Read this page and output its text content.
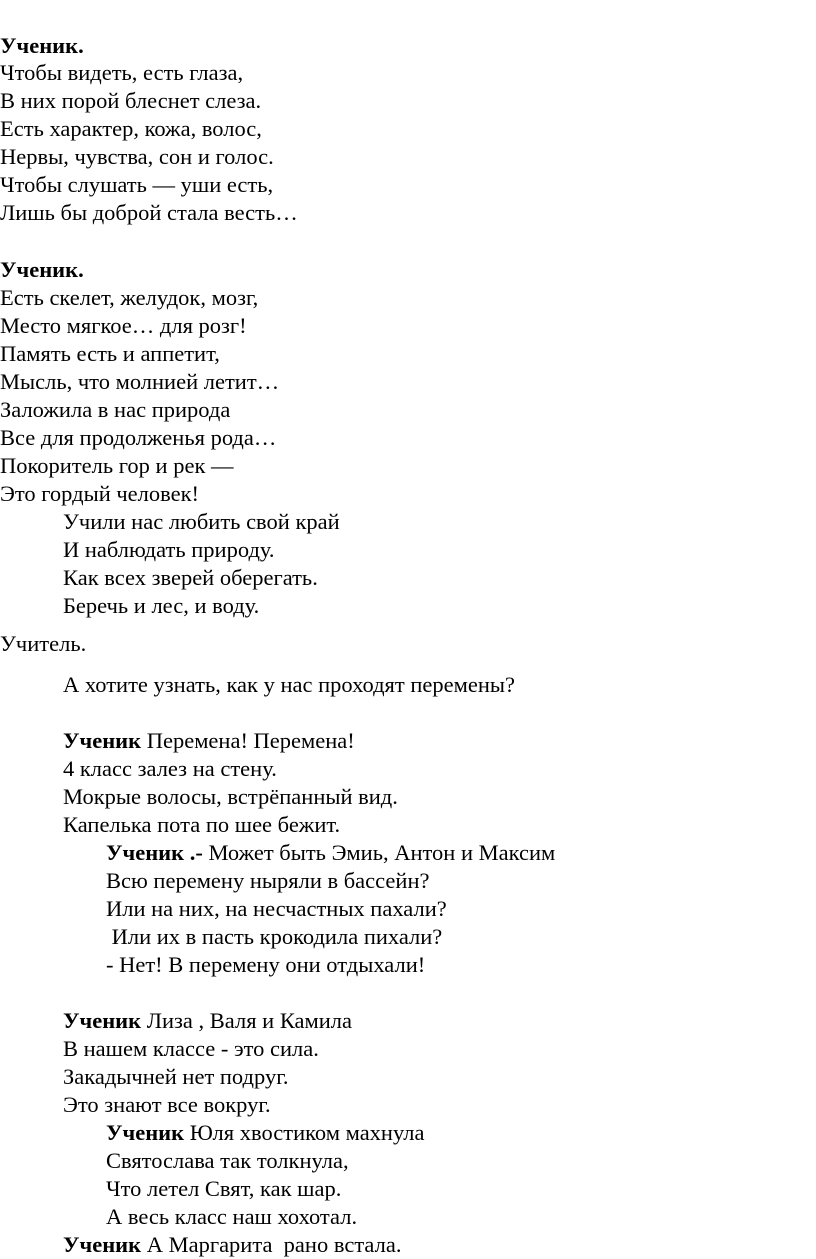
Ученик.
Чтобы видеть, есть глаза,
В них порой блеснет слеза.
Есть характер, кожа, волос,
Нервы, чувства, сон и голос.
Чтобы слушать — уши есть,
Лишь бы доброй стала весть…
Ученик.
Есть скелет, желудок, мозг,
Место мягкое… для розг!
Память есть и аппетит,
Мысль, что молнией летит…
Заложила в нас природа
Все для продолженья рода…
Покоритель гор и рек —
Это гордый человек!
Учили нас любить свой край
И наблюдать природу.
Как всех зверей оберегать.
Беречь и лес, и воду.
Учитель.
А хотите узнать, как у нас проходят перемены?
Ученик Перемена! Перемена!
4 класс залез на стену.
Мокрые волосы, встрёпанный вид.
Капелька пота по шее бежит.
Ученик .- Может быть Эмиь, Антон и Максим
Всю перемену ныряли в бассейн?
Или на них, на несчастных пахали?
Или их в пасть крокодила пихали?
- Нет! В перемену они отдыхали!
Ученик Лиза , Валя и Камила
В нашем классе - это сила.
Закадычней нет подруг.
Это знают все вокруг.
Ученик Юля хвостиком махнула
Святослава так толкнула,
Что летел Свят, как шар.
А весь класс наш хохотал.
Ученик А Маргарита  рано встала.
